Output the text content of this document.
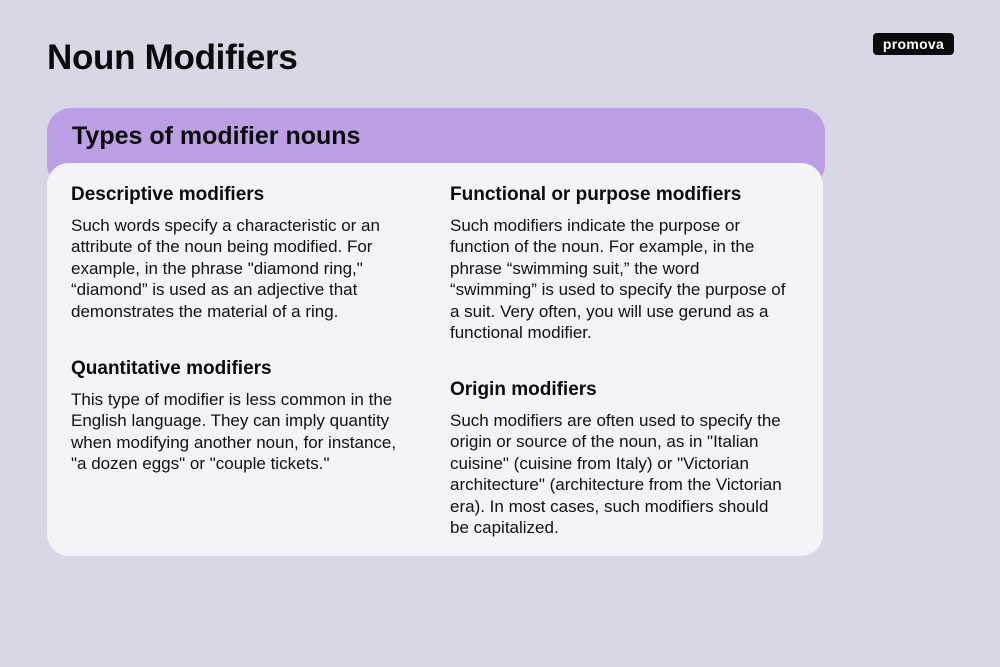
Noun Modifiers	promova
Types of modifier nouns
Descriptive modifiers

Such words specify a characteristic or an attribute of the noun being modified. For example, in the phrase "diamond ring," “diamond” is used as an adjective that demonstrates the material of a ring.

Quantitative modifiers

This type of modifier is less common in the English language. They can imply quantity when modifying another noun, for instance, "a dozen eggs" or "couple tickets."

Functional or purpose modifiers

Such modifiers indicate the purpose or function of the noun. For example, in the phrase “swimming suit,” the word “swimming” is used to specify the purpose of a suit. Very often, you will use gerund as a functional modifier.

Origin modifiers

Such modifiers are often used to specify the origin or source of the noun, as in "Italian cuisine" (cuisine from Italy) or "Victorian architecture" (architecture from the Victorian era). In most cases, such modifiers should be capitalized.
